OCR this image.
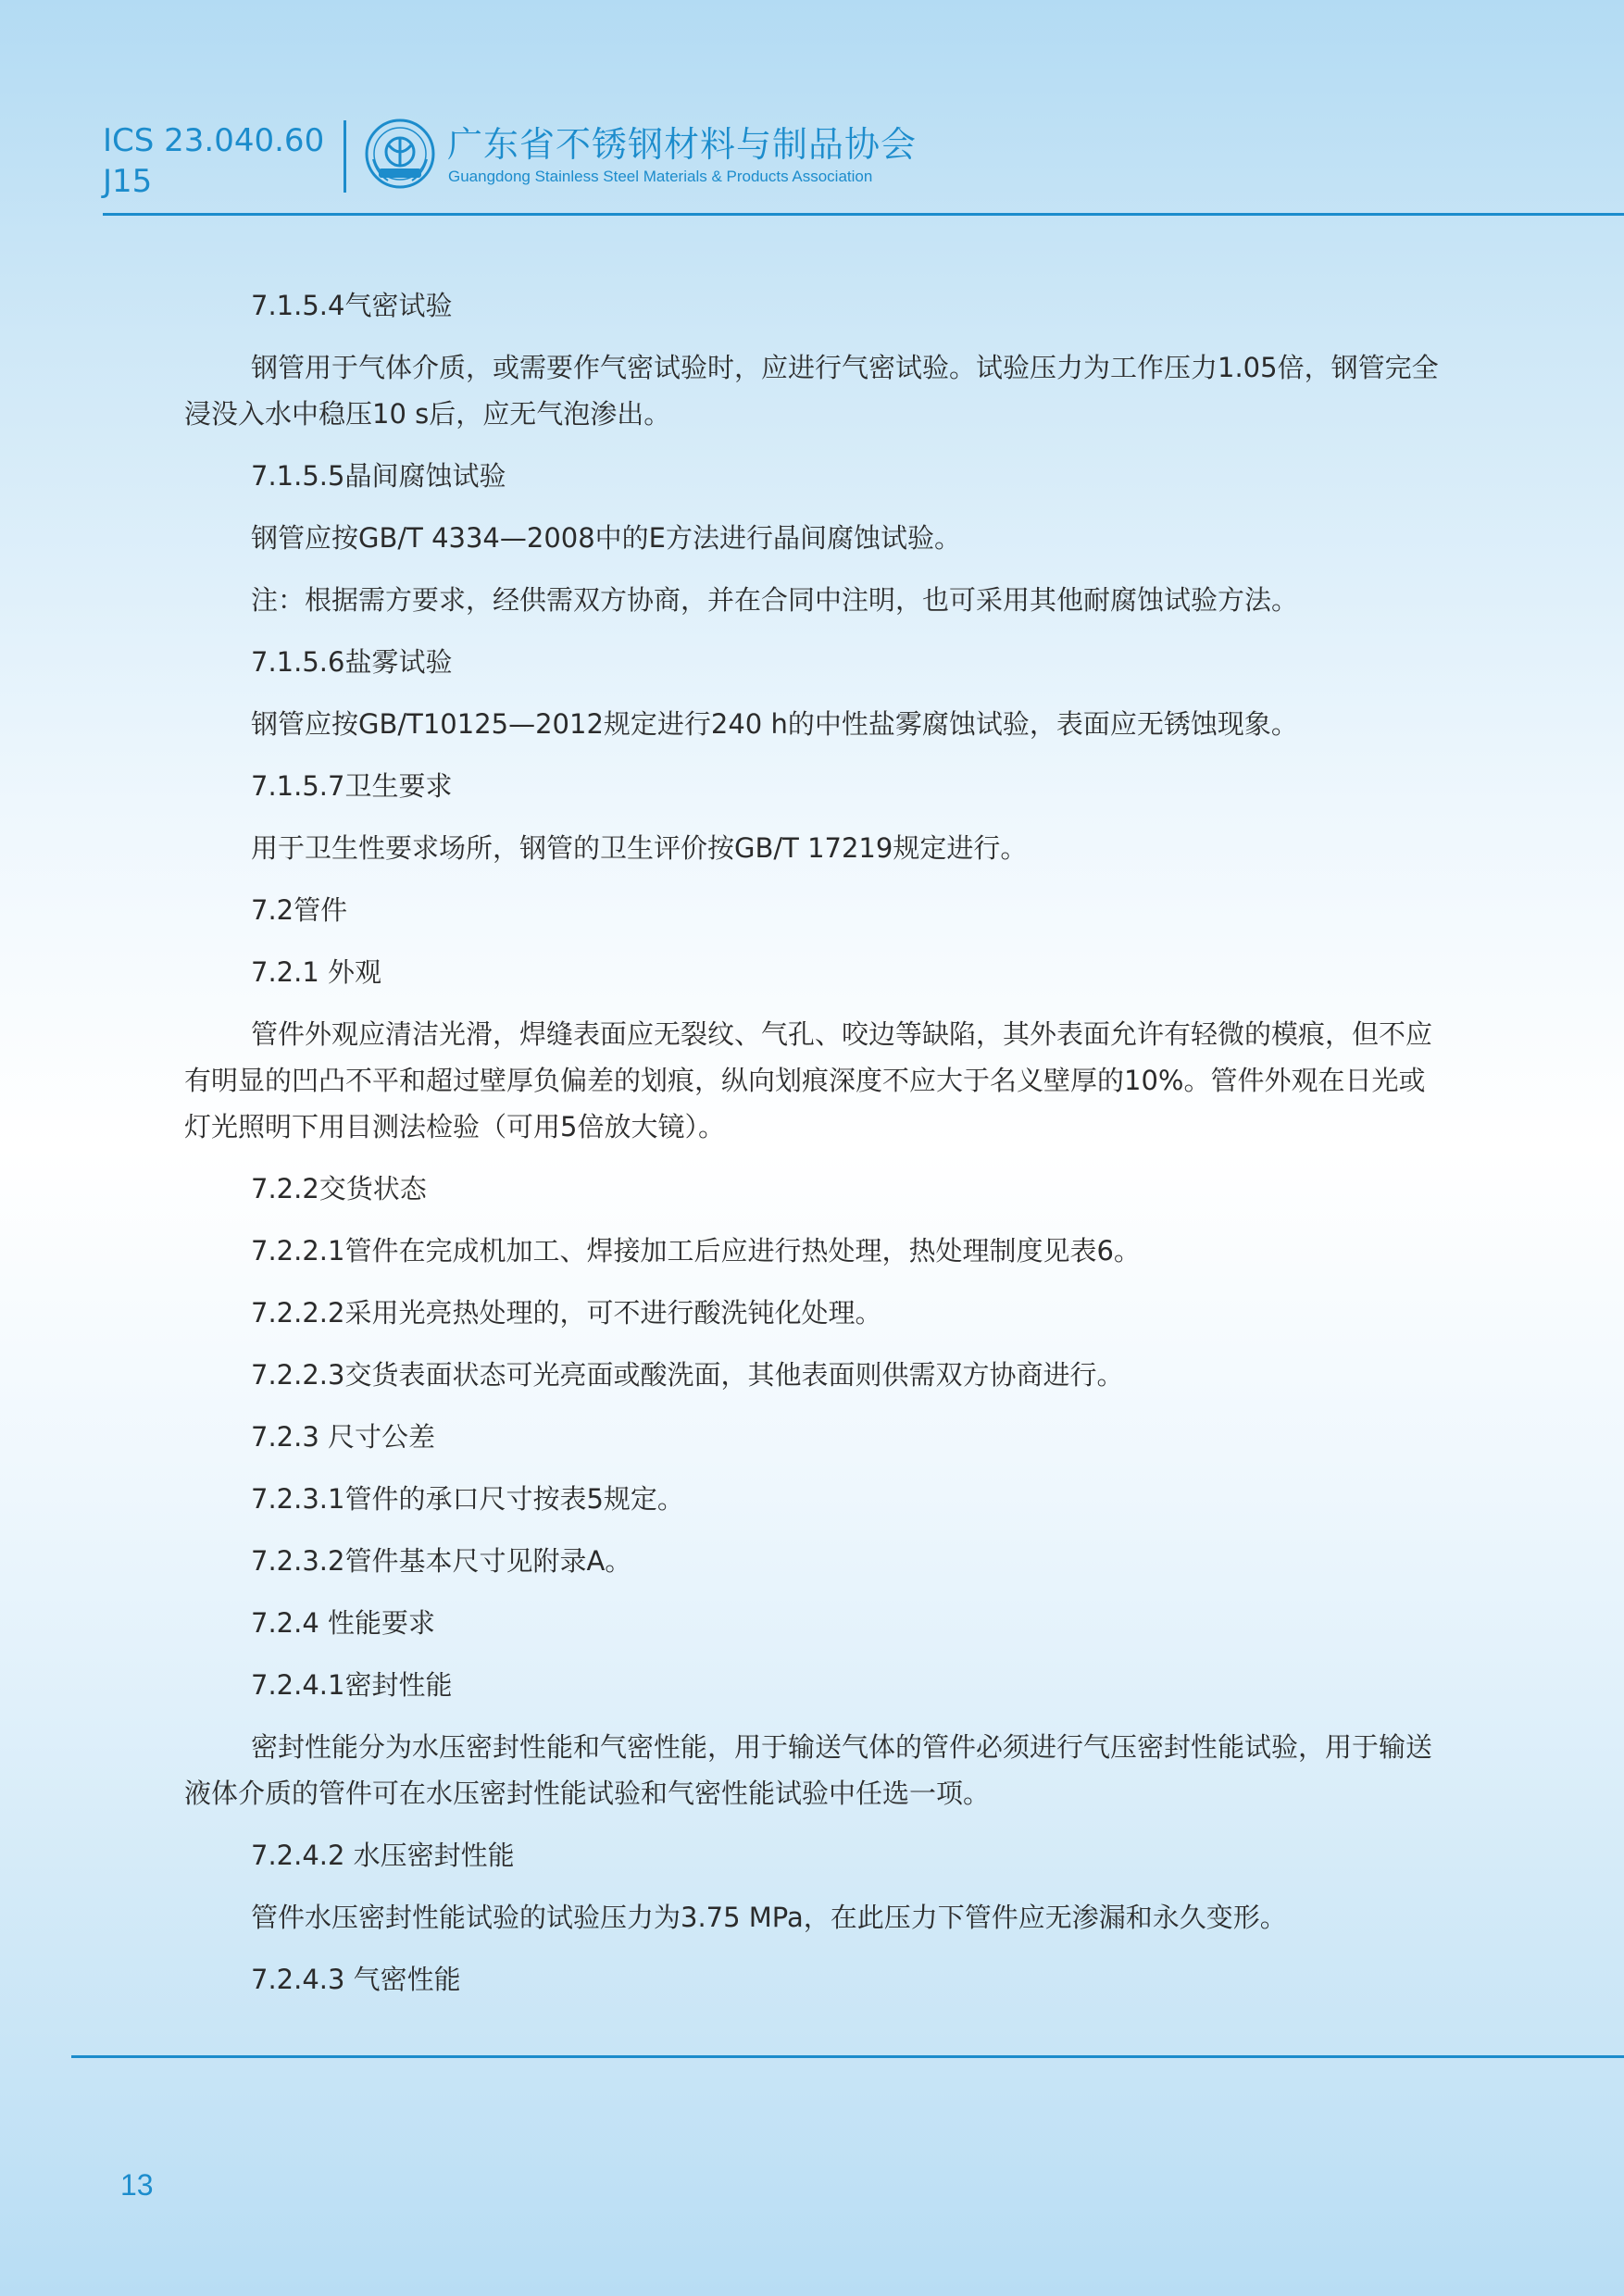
ICS 23.040.60
J15
广东省不锈钢材料与制品协会
Guangdong Stainless Steel Materials & Products Association

7.1.5.4气密试验

钢管用于气体介质，或需要作气密试验时，应进行气密试验。试验压力为工作压力1.05倍，钢管完全浸没入水中稳压10 s后，应无气泡渗出。

7.1.5.5晶间腐蚀试验

钢管应按GB/T 4334—2008中的E方法进行晶间腐蚀试验。

注：根据需方要求，经供需双方协商，并在合同中注明，也可采用其他耐腐蚀试验方法。

7.1.5.6盐雾试验

钢管应按GB/T10125—2012规定进行240 h的中性盐雾腐蚀试验，表面应无锈蚀现象。

7.1.5.7卫生要求

用于卫生性要求场所，钢管的卫生评价按GB/T 17219规定进行。

7.2管件

7.2.1 外观

管件外观应清洁光滑，焊缝表面应无裂纹、气孔、咬边等缺陷，其外表面允许有轻微的模痕，但不应有明显的凹凸不平和超过壁厚负偏差的划痕，纵向划痕深度不应大于名义壁厚的10%。管件外观在日光或灯光照明下用目测法检验（可用5倍放大镜）。

7.2.2交货状态

7.2.2.1管件在完成机加工、焊接加工后应进行热处理，热处理制度见表6。

7.2.2.2采用光亮热处理的，可不进行酸洗钝化处理。

7.2.2.3交货表面状态可光亮面或酸洗面，其他表面则供需双方协商进行。

7.2.3 尺寸公差

7.2.3.1管件的承口尺寸按表5规定。

7.2.3.2管件基本尺寸见附录A。

7.2.4 性能要求

7.2.4.1密封性能

密封性能分为水压密封性能和气密性能，用于输送气体的管件必须进行气压密封性能试验，用于输送液体介质的管件可在水压密封性能试验和气密性能试验中任选一项。

7.2.4.2 水压密封性能

管件水压密封性能试验的试验压力为3.75 MPa，在此压力下管件应无渗漏和永久变形。

7.2.4.3 气密性能

13
